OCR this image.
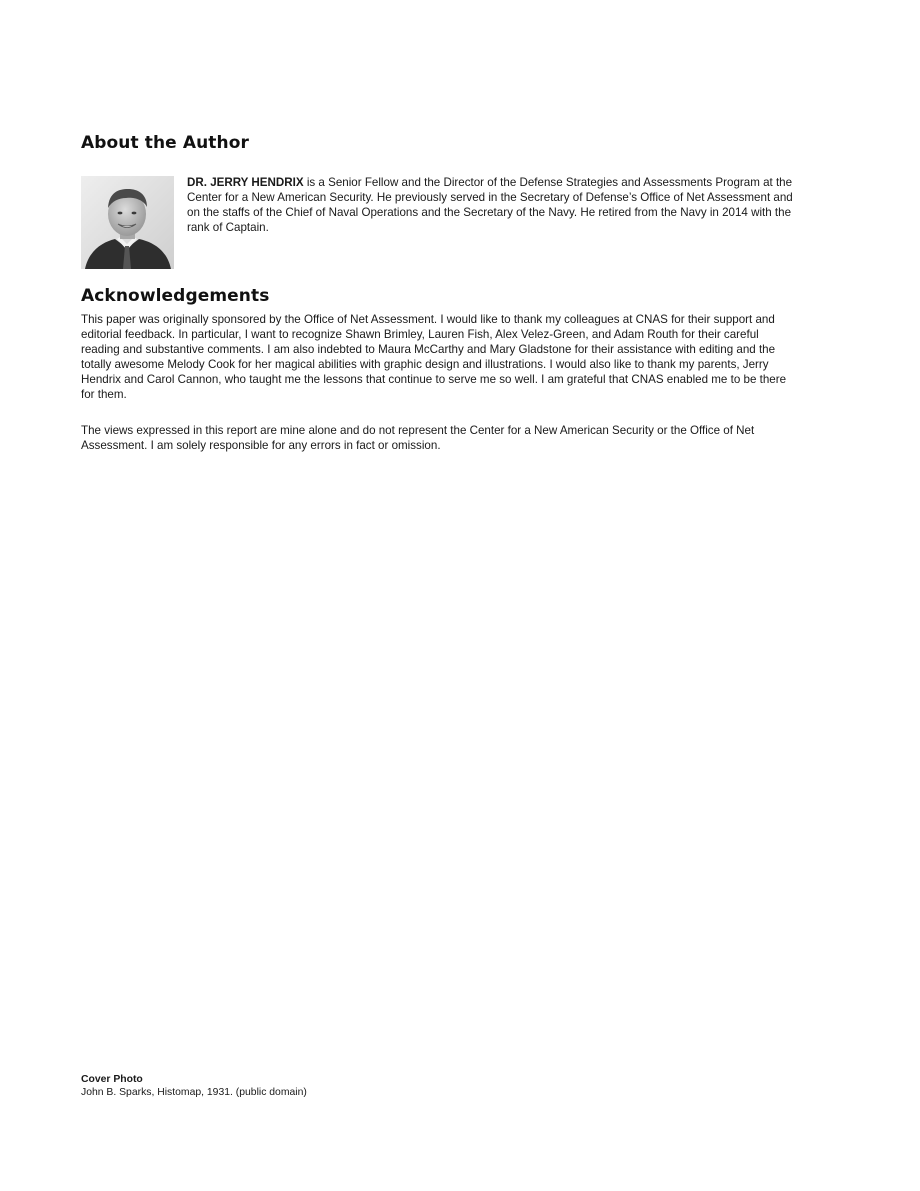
About the Author

DR. JERRY HENDRIX is a Senior Fellow and the Director of the Defense Strategies and Assessments Program at the Center for a New American Security. He previously served in the Secretary of Defense’s Office of Net Assessment and on the staffs of the Chief of Naval Operations and the Secretary of the Navy. He retired from the Navy in 2014 with the rank of Captain.

Acknowledgements

This paper was originally sponsored by the Office of Net Assessment. I would like to thank my colleagues at CNAS for their support and editorial feedback. In particular, I want to recognize Shawn Brimley, Lauren Fish, Alex Velez-Green, and Adam Routh for their careful reading and substantive comments. I am also indebted to Maura McCarthy and Mary Gladstone for their assistance with editing and the totally awesome Melody Cook for her magical abilities with graphic design and illustrations. I would also like to thank my parents, Jerry Hendrix and Carol Cannon, who taught me the lessons that continue to serve me so well. I am grateful that CNAS enabled me to be there for them.

The views expressed in this report are mine alone and do not represent the Center for a New American Security or the Office of Net Assessment. I am solely responsible for any errors in fact or omission.

Cover Photo
John B. Sparks, Histomap, 1931. (public domain)
